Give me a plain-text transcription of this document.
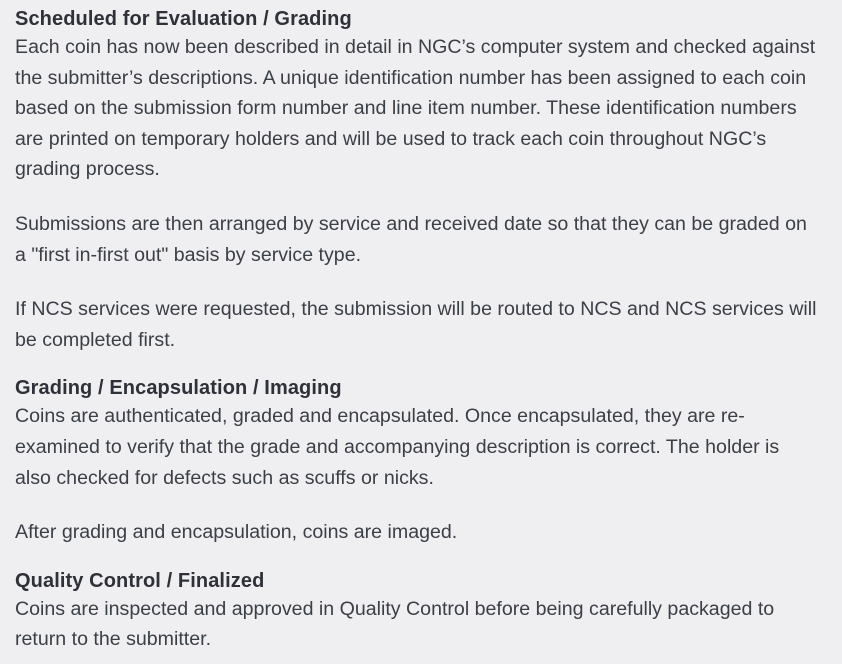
Scheduled for Evaluation / Grading

Each coin has now been described in detail in NGC’s computer system and checked against the submitter’s descriptions. A unique identification number has been assigned to each coin based on the submission form number and line item number. These identification numbers are printed on temporary holders and will be used to track each coin throughout NGC’s grading process.

Submissions are then arranged by service and received date so that they can be graded on a "first in-first out" basis by service type.

If NCS services were requested, the submission will be routed to NCS and NCS services will be completed first.

Grading / Encapsulation / Imaging

Coins are authenticated, graded and encapsulated. Once encapsulated, they are re-examined to verify that the grade and accompanying description is correct. The holder is also checked for defects such as scuffs or nicks.

After grading and encapsulation, coins are imaged.

Quality Control / Finalized

Coins are inspected and approved in Quality Control before being carefully packaged to return to the submitter.
